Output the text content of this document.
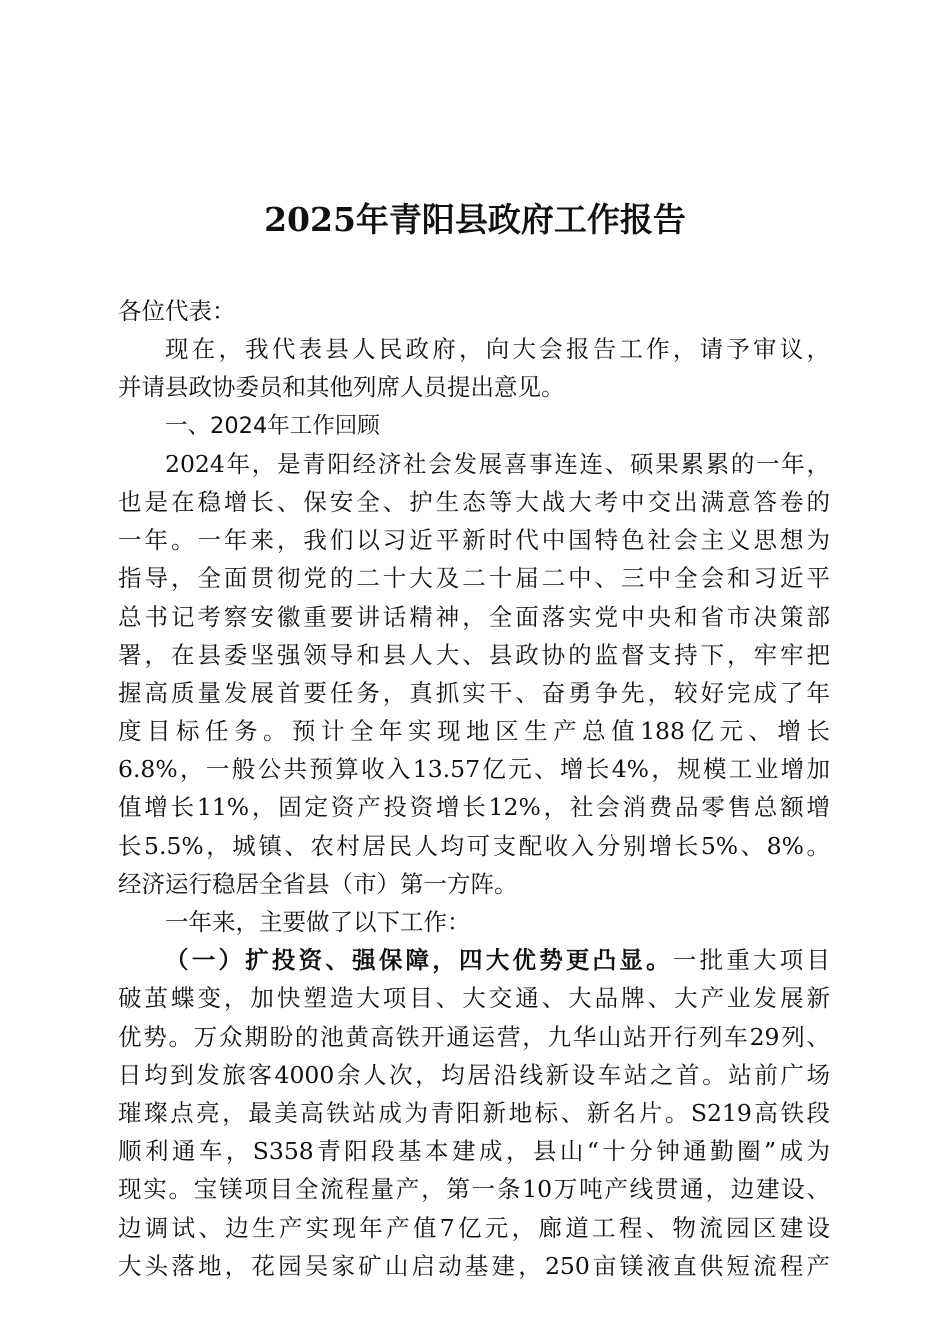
2025年青阳县政府工作报告
各位代表：
现在，我代表县人民政府，向大会报告工作，请予审议，
并请县政协委员和其他列席人员提出意见。
一、2024年工作回顾
2024年，是青阳经济社会发展喜事连连、硕果累累的一年，
也是在稳增长、保安全、护生态等大战大考中交出满意答卷的
一年。一年来，我们以习近平新时代中国特色社会主义思想为
指导，全面贯彻党的二十大及二十届二中、三中全会和习近平
总书记考察安徽重要讲话精神，全面落实党中央和省市决策部
署，在县委坚强领导和县人大、县政协的监督支持下，牢牢把
握高质量发展首要任务，真抓实干、奋勇争先，较好完成了年
度目标任务。预计全年实现地区生产总值188亿元、增长
6.8%，一般公共预算收入13.57亿元、增长4%，规模工业增加
值增长11%，固定资产投资增长12%，社会消费品零售总额增
长5.5%，城镇、农村居民人均可支配收入分别增长5%、8%。
经济运行稳居全省县（市）第一方阵。
一年来，主要做了以下工作：
（一）扩投资、强保障，四大优势更凸显。一批重大项目
破茧蝶变，加快塑造大项目、大交通、大品牌、大产业发展新
优势。万众期盼的池黄高铁开通运营，九华山站开行列车29列、
日均到发旅客4000余人次，均居沿线新设车站之首。站前广场
璀璨点亮，最美高铁站成为青阳新地标、新名片。S219高铁段
顺利通车，S358青阳段基本建成，县山“十分钟通勤圈”成为
现实。宝镁项目全流程量产，第一条10万吨产线贯通，边建设、
边调试、边生产实现年产值7亿元，廊道工程、物流园区建设
大头落地，花园吴家矿山启动基建，250亩镁液直供短流程产
